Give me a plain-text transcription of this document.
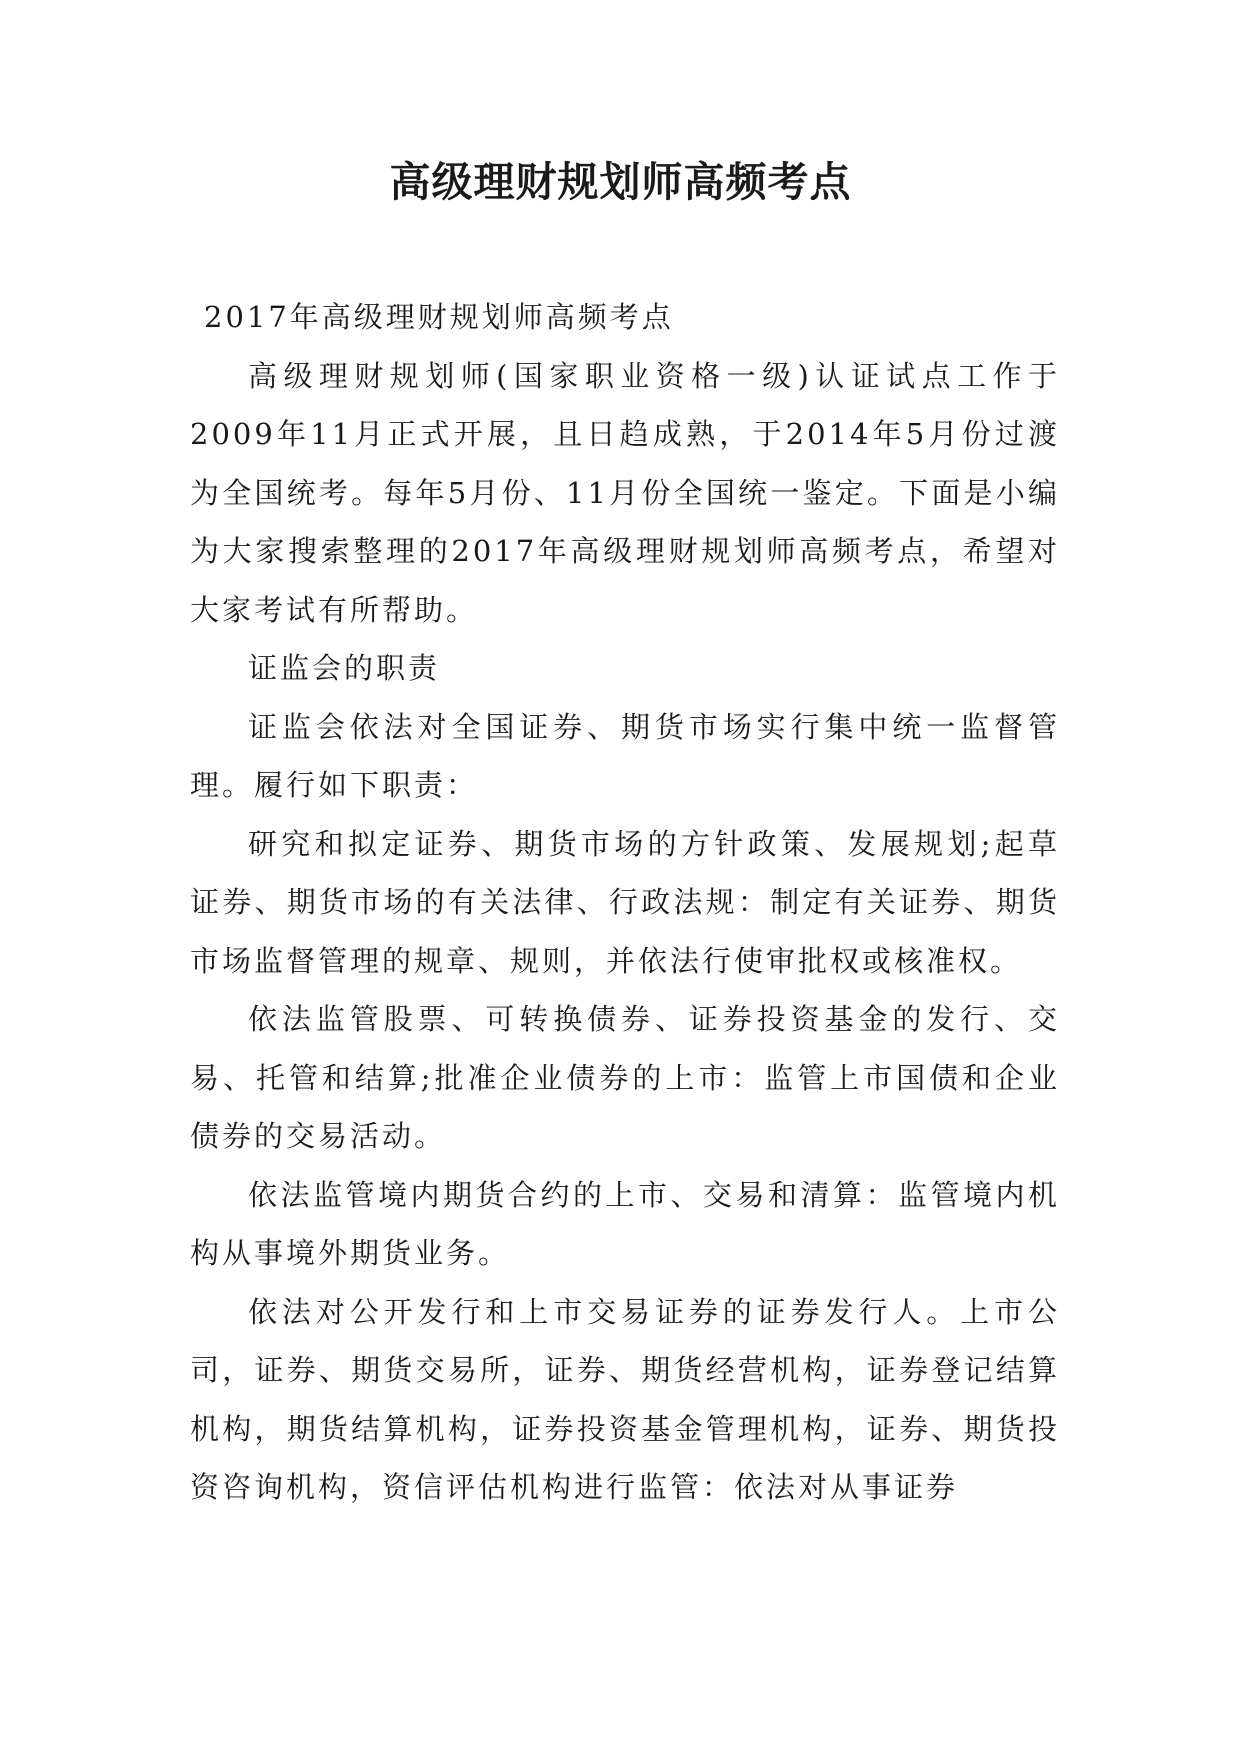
高级理财规划师高频考点

2017年高级理财规划师高频考点

高级理财规划师(国家职业资格一级)认证试点工作于2009年11月正式开展，且日趋成熟，于2014年5月份过渡为全国统考。每年5月份、11月份全国统一鉴定。下面是小编为大家搜索整理的2017年高级理财规划师高频考点，希望对大家考试有所帮助。

证监会的职责

证监会依法对全国证券、期货市场实行集中统一监督管理。履行如下职责：

研究和拟定证券、期货市场的方针政策、发展规划;起草证券、期货市场的有关法律、行政法规：制定有关证券、期货市场监督管理的规章、规则，并依法行使审批权或核准权。

依法监管股票、可转换债券、证券投资基金的发行、交易、托管和结算;批准企业债券的上市：监管上市国债和企业债券的交易活动。

依法监管境内期货合约的上市、交易和清算：监管境内机构从事境外期货业务。

依法对公开发行和上市交易证券的证券发行人。上市公司，证券、期货交易所，证券、期货经营机构，证券登记结算机构，期货结算机构，证券投资基金管理机构，证券、期货投资咨询机构，资信评估机构进行监管：依法对从事证券
